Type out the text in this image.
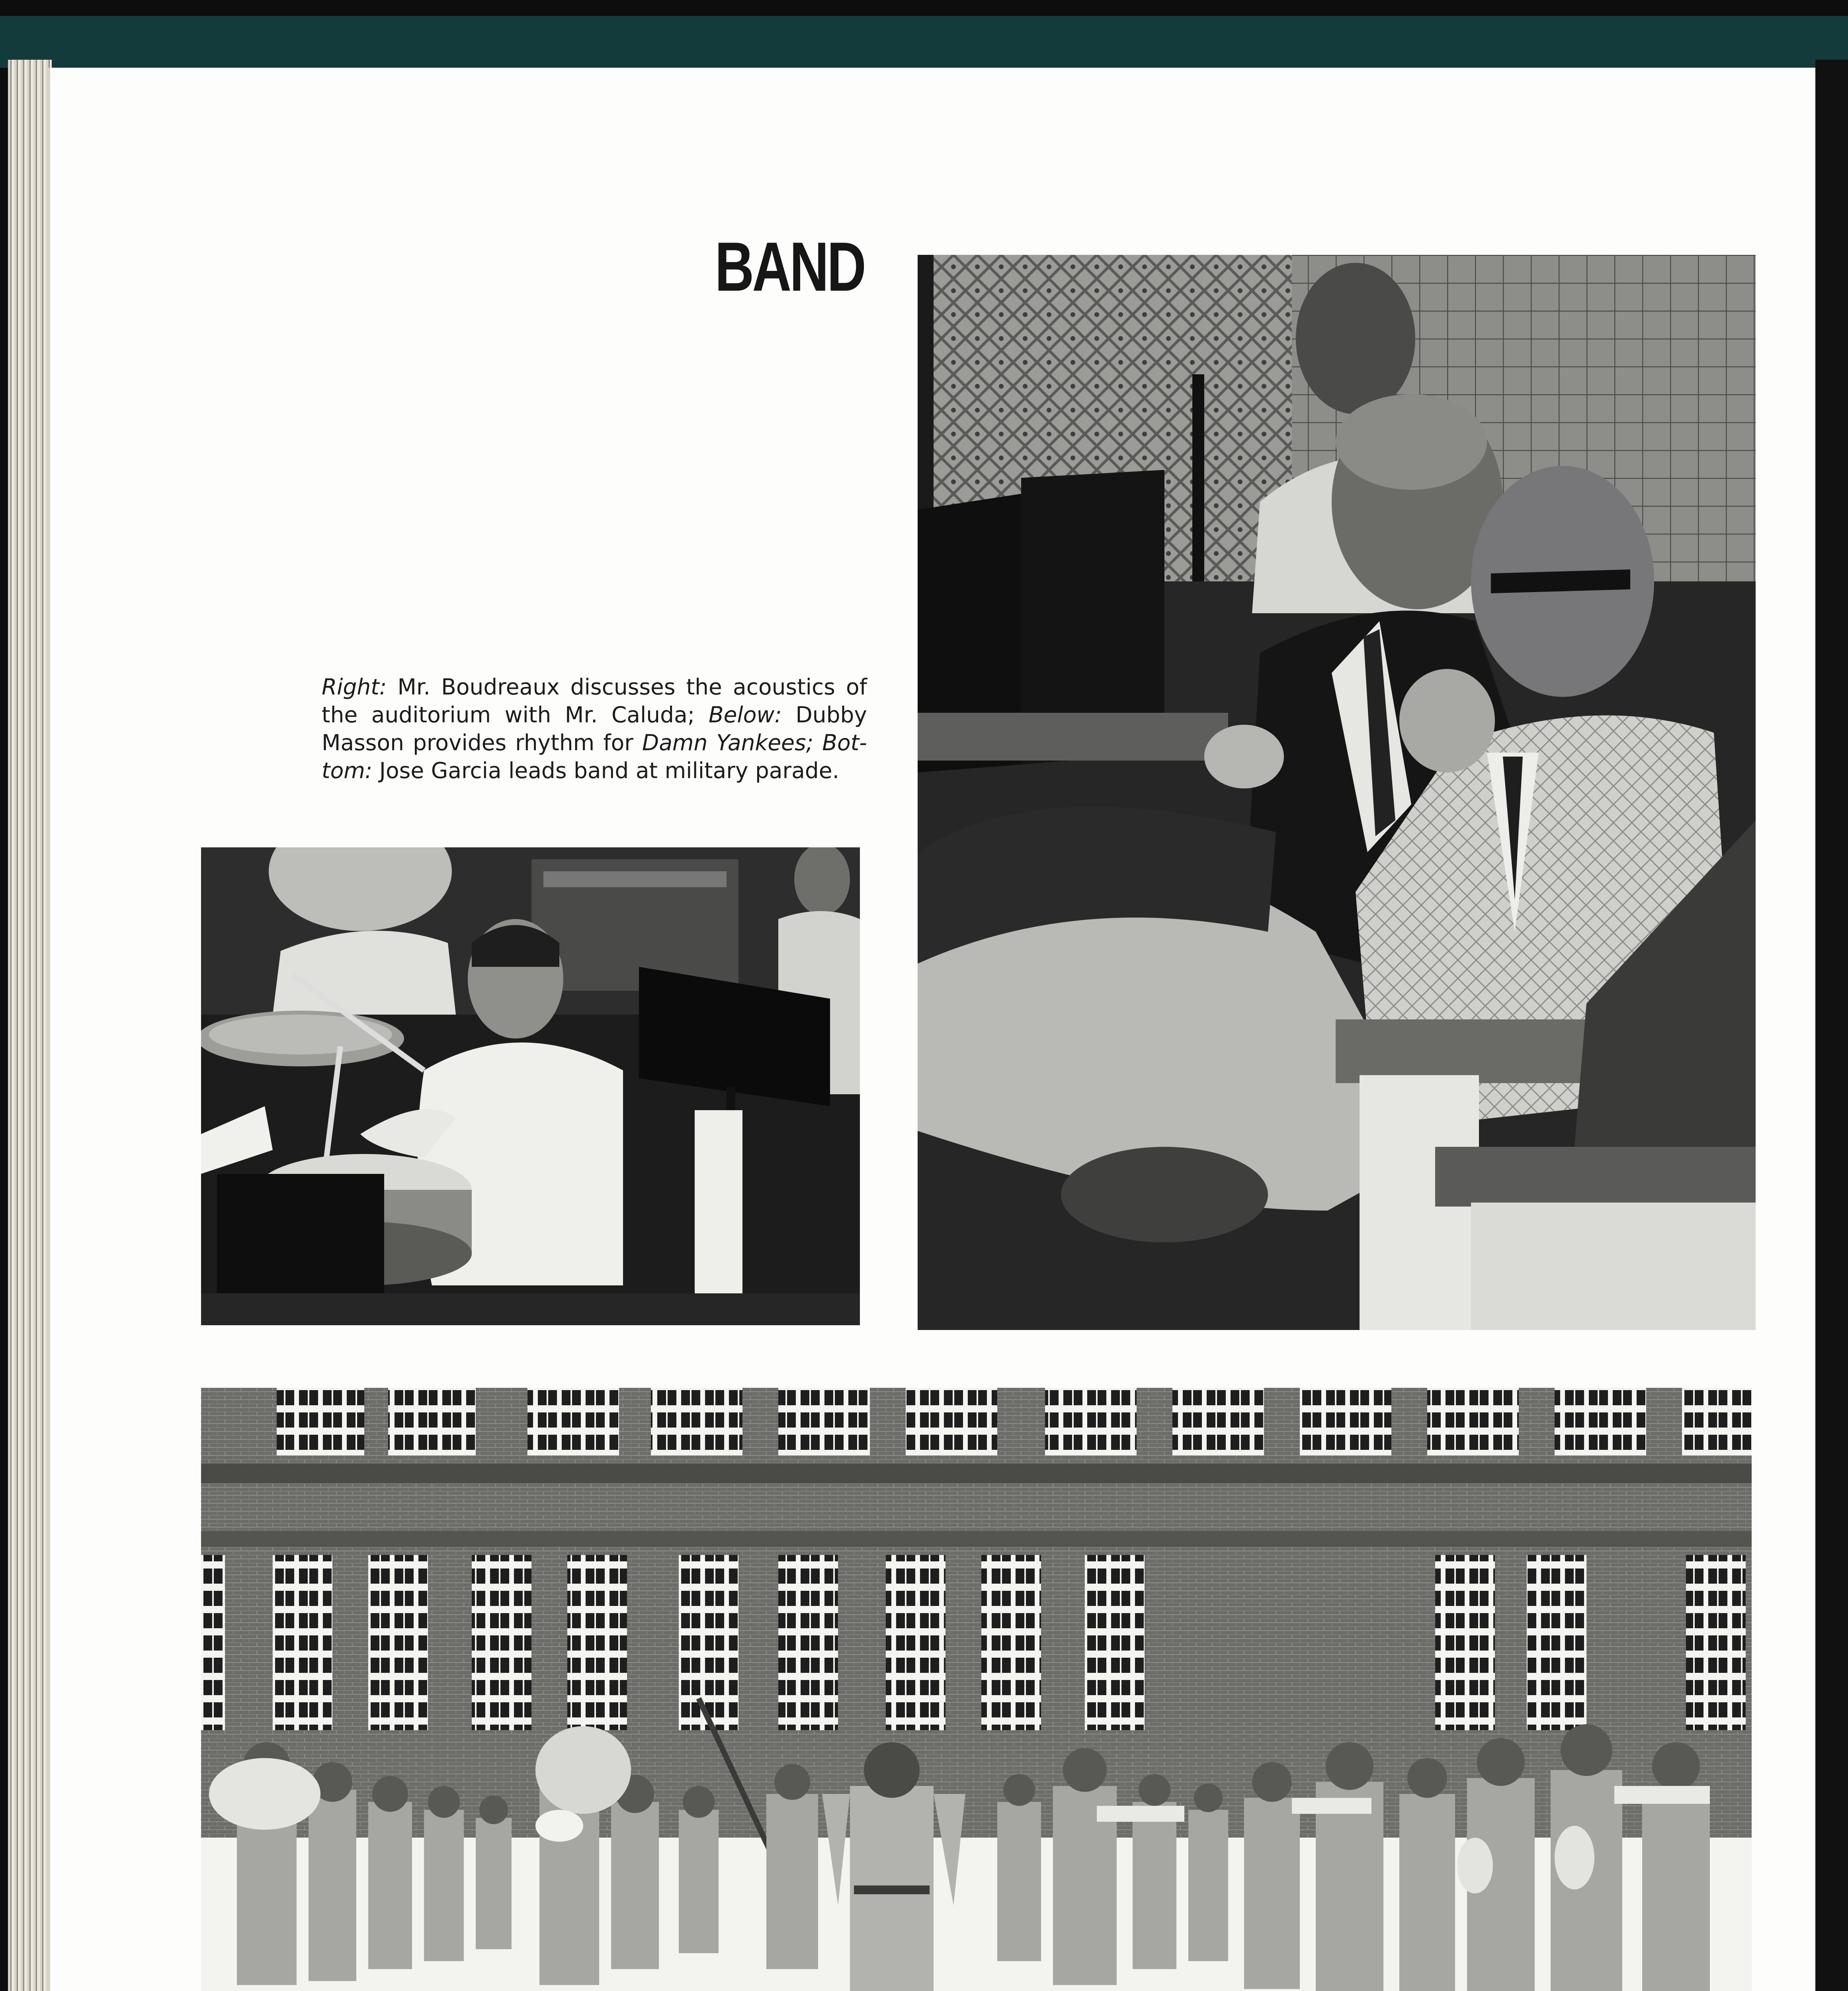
BAND
Right: Mr. Boudreaux discusses the acoustics of the auditorium with Mr. Caluda; Below: Dubby Masson provides rhythm for Damn Yankees; Bot-tom: Jose Garcia leads band at military parade.
